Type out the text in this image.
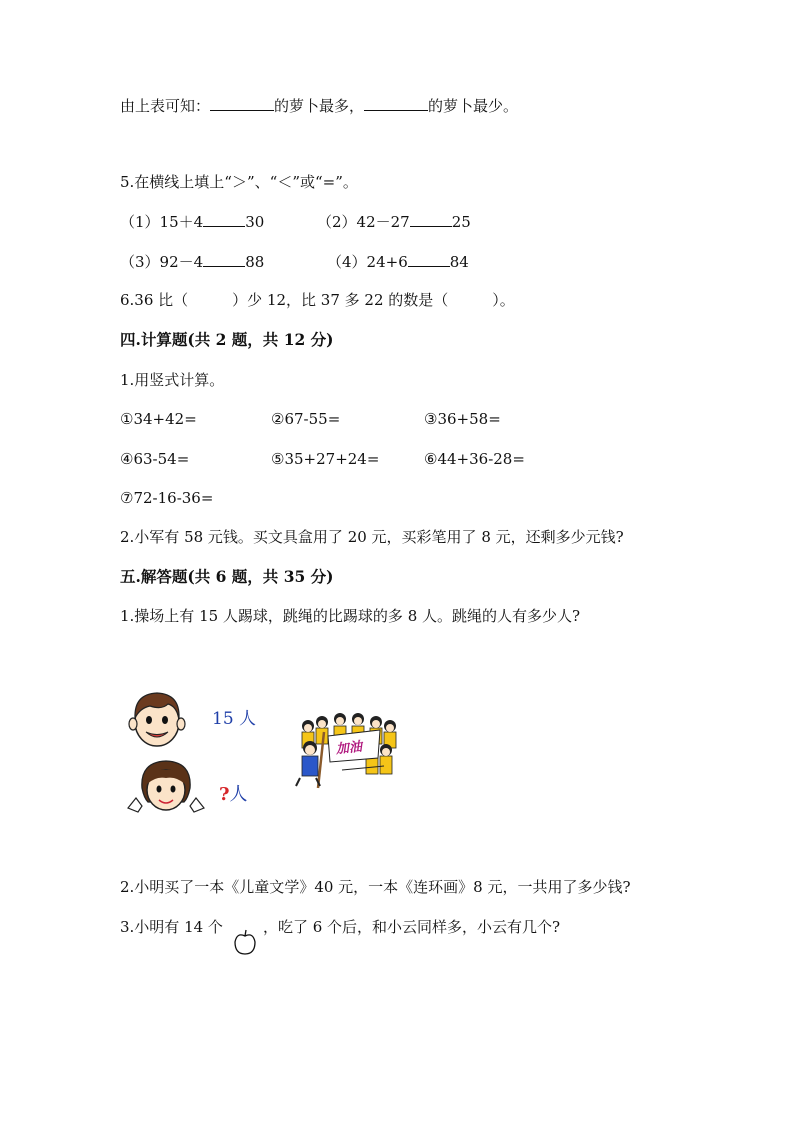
由上表可知：	的萝卜最多，	的萝卜最少。
5.在横线上填上“＞”、“＜”或“=”。
（1）15＋4	30	（2）42－27	25
（3）92－4	88	（4）24+6	84
6.36 比（	）少 12，比 37 多 22 的数是（	）。
四.计算题(共 2 题，共 12 分)
1.用竖式计算。
①34+42=	②67-55=	③36+58=
④63-54=	⑤35+27+24=	⑥44+36-28=
⑦72-16-36=
2.小军有 58 元钱。买文具盒用了 20 元，买彩笔用了 8 元，还剩多少元钱?
五.解答题(共 6 题，共 35 分)
1.操场上有 15 人踢球，跳绳的比踢球的多 8 人。跳绳的人有多少人?
15 人
?人
加油
2.小明买了一本《儿童文学》40 元，一本《连环画》8 元，一共用了多少钱?
3.小明有 14 个	，吃了 6 个后，和小云同样多，小云有几个?
